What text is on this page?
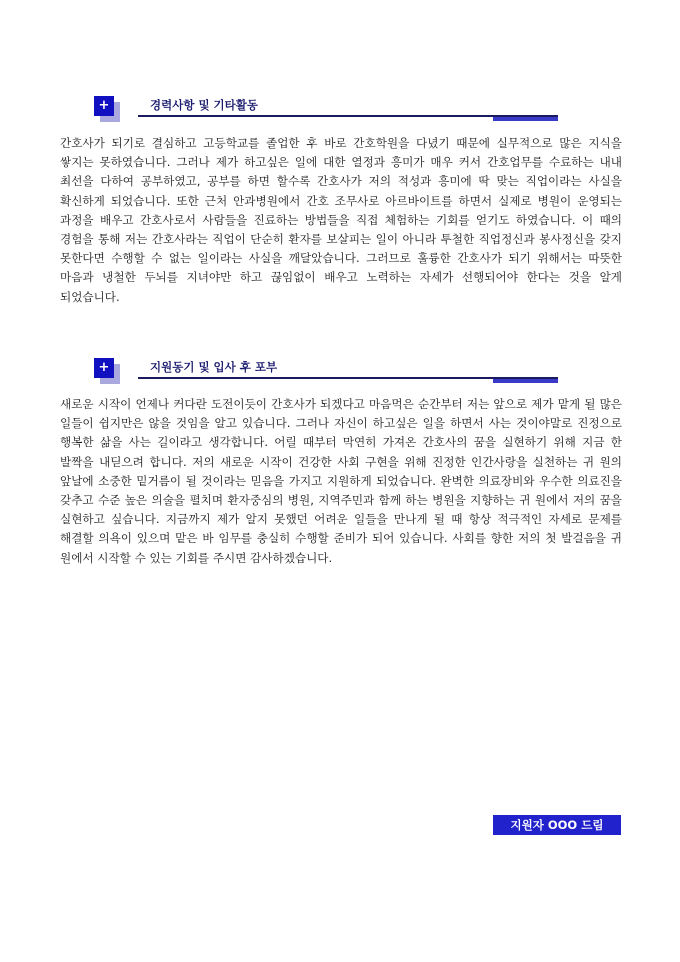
+	경력사항 및 기타활동

간호사가 되기로 결심하고 고등학교를 졸업한 후 바로 간호학원을 다녔기 때문에 실무적으로 많은 지식을 쌓지는 못하였습니다. 그러나 제가 하고싶은 일에 대한 열정과 흥미가 매우 커서 간호업무를 수료하는 내내 최선을 다하여 공부하였고, 공부를 하면 할수록 간호사가 저의 적성과 흥미에 딱 맞는 직업이라는 사실을 확신하게 되었습니다. 또한 근처 안과병원에서 간호 조무사로 아르바이트를 하면서 실제로 병원이 운영되는 과정을 배우고 간호사로서 사람들을 진료하는 방법들을 직접 체험하는 기회를 얻기도 하였습니다. 이 때의 경험을 통해 저는 간호사라는 직업이 단순히 환자를 보살피는 일이 아니라 투철한 직업정신과 봉사정신을 갖지 못한다면 수행할 수 없는 일이라는 사실을 깨달았습니다. 그러므로 훌륭한 간호사가 되기 위해서는 따뜻한 마음과 냉철한 두뇌를 지녀야만 하고 끊임없이 배우고 노력하는 자세가 선행되어야 한다는 것을 알게 되었습니다.

+	지원동기 및 입사 후 포부

새로운 시작이 언제나 커다란 도전이듯이 간호사가 되겠다고 마음먹은 순간부터 저는 앞으로 제가 맡게 될 많은 일들이 쉽지만은 않을 것임을 알고 있습니다. 그러나 자신이 하고싶은 일을 하면서 사는 것이야말로 진정으로 행복한 삶을 사는 길이라고 생각합니다. 어릴 때부터 막연히 가져온 간호사의 꿈을 실현하기 위해 지금 한 발짝을 내딛으려 합니다. 저의 새로운 시작이 건강한 사회 구현을 위해 진정한 인간사랑을 실천하는 귀 원의 앞날에 소중한 밑거름이 될 것이라는 믿음을 가지고 지원하게 되었습니다. 완벽한 의료장비와 우수한 의료진을 갖추고 수준 높은 의술을 펼치며 환자중심의 병원, 지역주민과 함께 하는 병원을 지향하는 귀 원에서 저의 꿈을 실현하고 싶습니다. 지금까지 제가 알지 못했던 어려운 일들을 만나게 될 때 항상 적극적인 자세로 문제를 해결할 의욕이 있으며 맡은 바 임무를 충실히 수행할 준비가 되어 있습니다. 사회를 향한 저의 첫 발걸음을 귀 원에서 시작할 수 있는 기회를 주시면 감사하겠습니다.

지원자 OOO 드림
